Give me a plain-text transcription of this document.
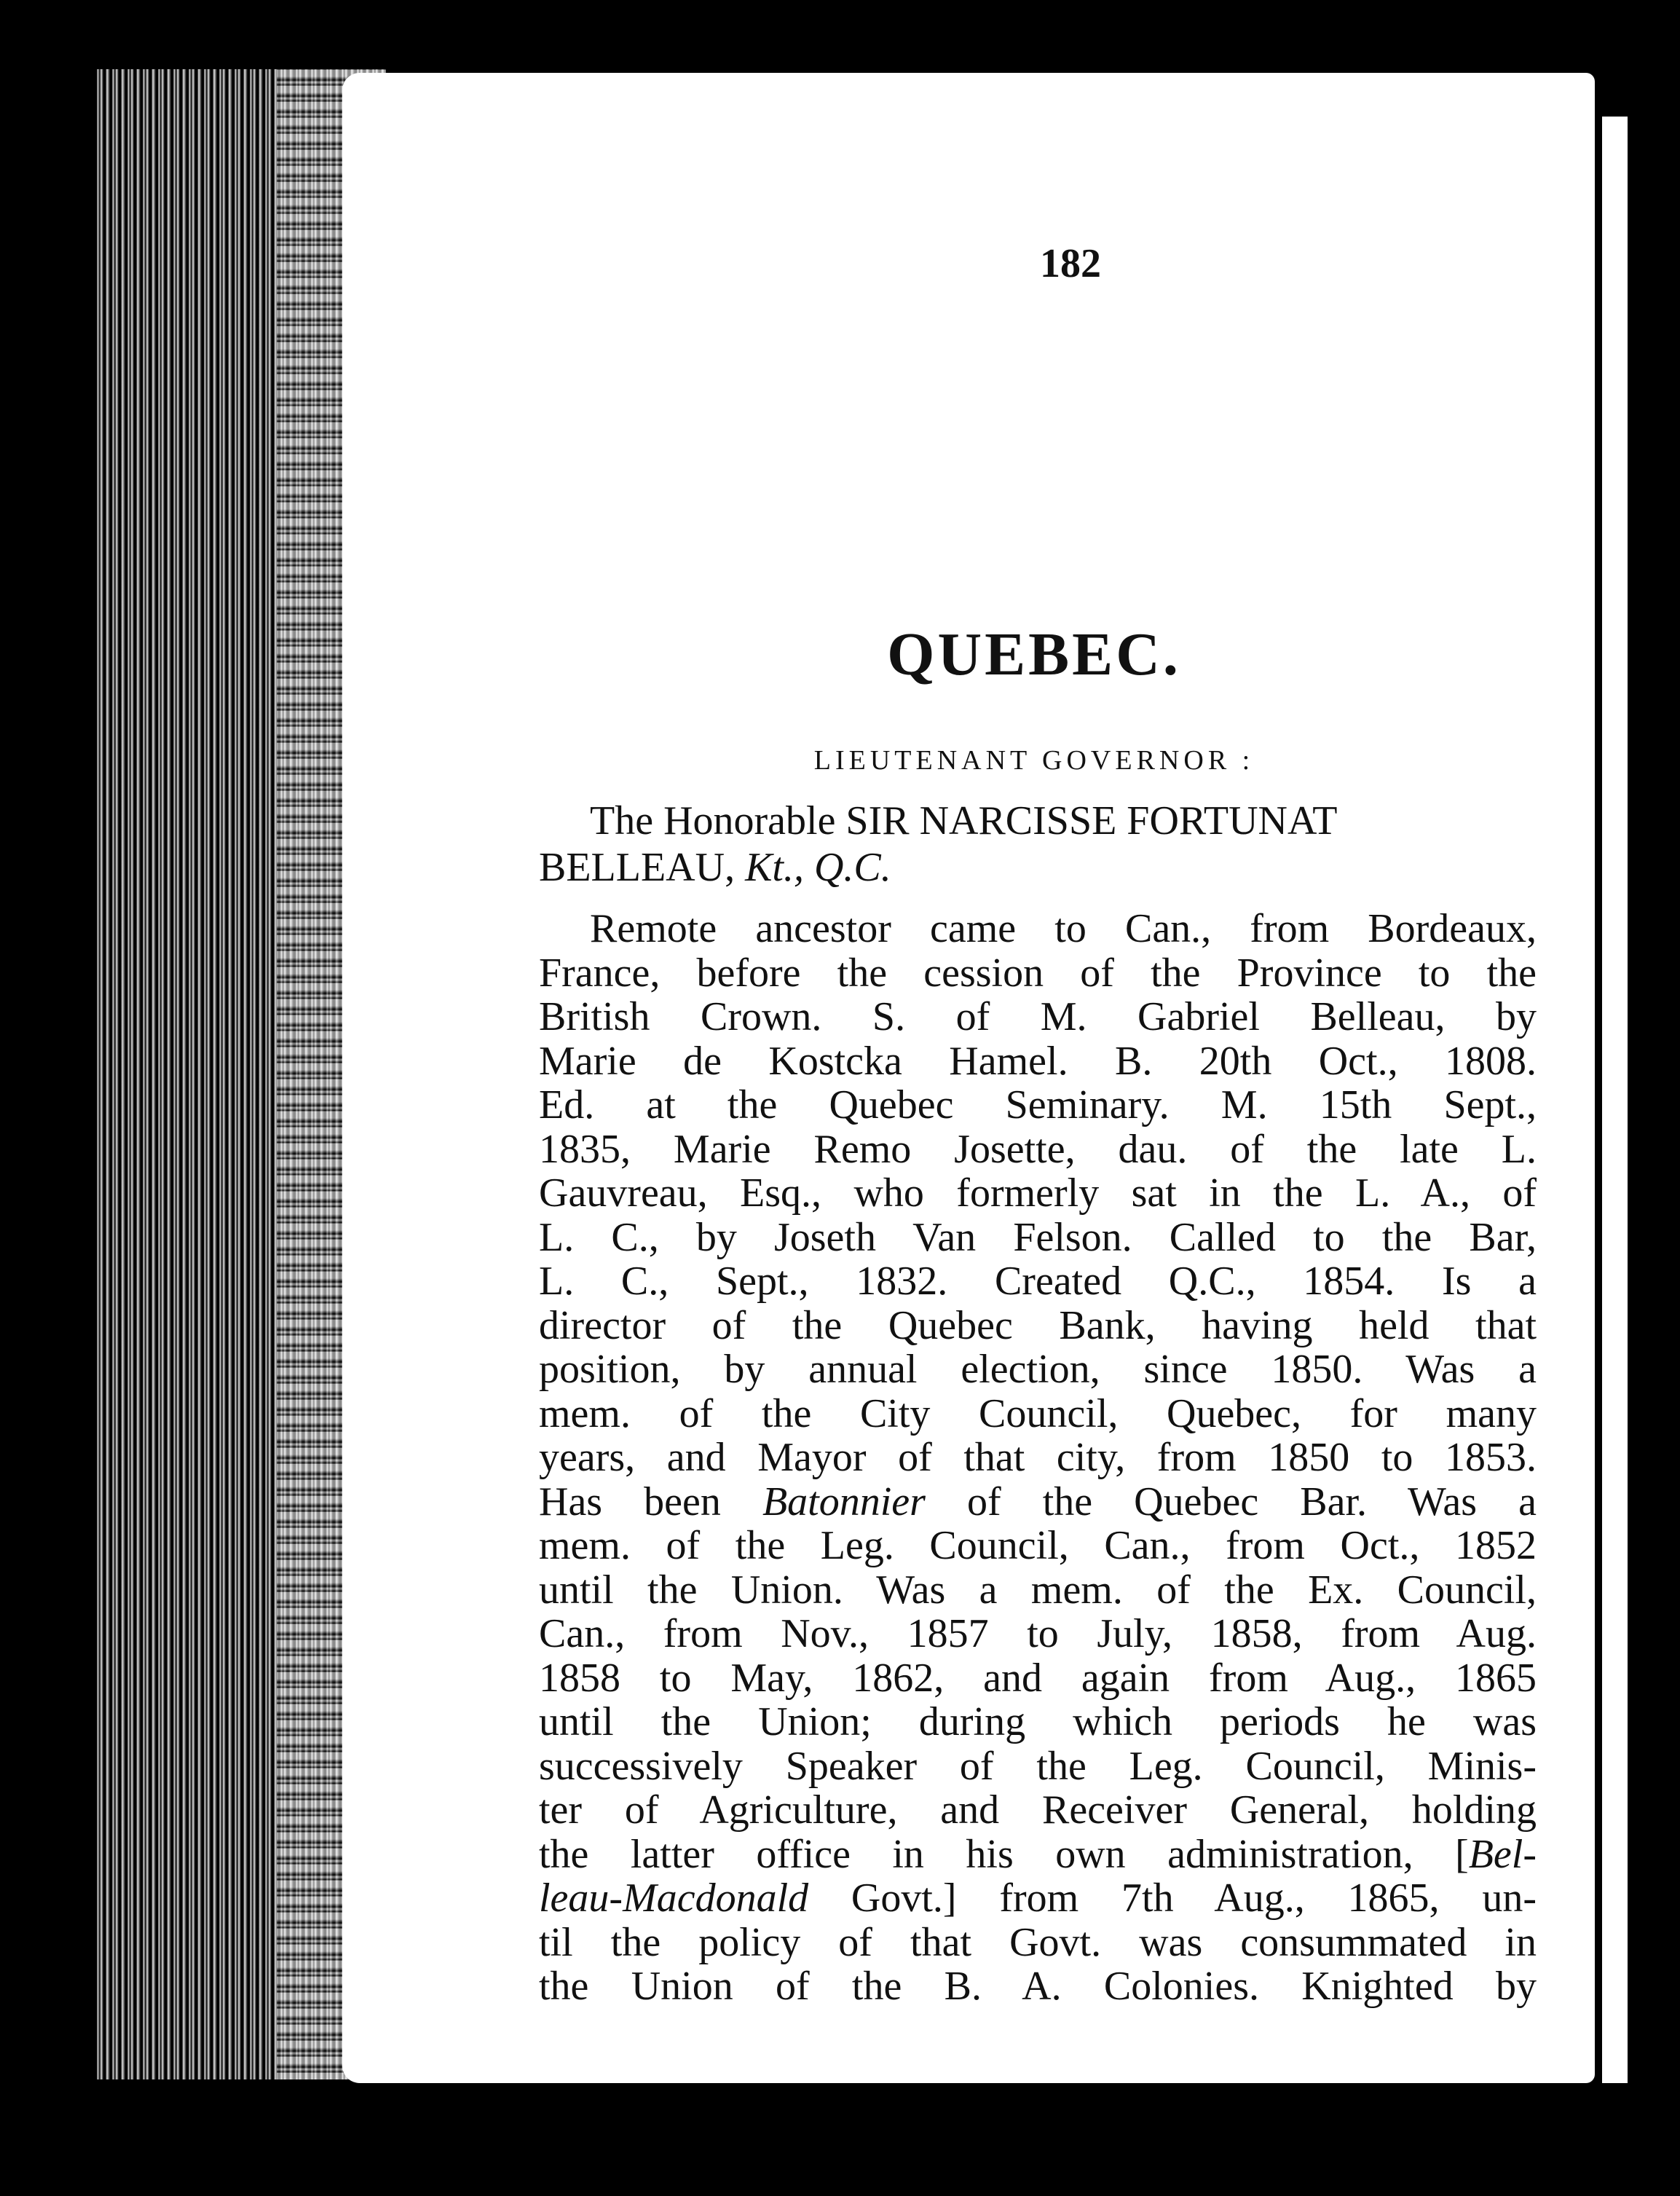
182
QUEBEC.
LIEUTENANT GOVERNOR :
The Honorable SIR NARCISSE FORTUNAT
BELLEAU, Kt., Q.C.
Remote ancestor came to Can., from Bordeaux,
France, before the cession of the Province to the
British Crown. S. of M. Gabriel Belleau, by
Marie de Kostcka Hamel. B. 20th Oct., 1808.
Ed. at the Quebec Seminary. M. 15th Sept.,
1835, Marie Remo Josette, dau. of the late L.
Gauvreau, Esq., who formerly sat in the L. A., of
L. C., by Joseth Van Felson. Called to the Bar,
L. C., Sept., 1832. Created Q.C., 1854. Is a
director of the Quebec Bank, having held that
position, by annual election, since 1850. Was a
mem. of the City Council, Quebec, for many
years, and Mayor of that city, from 1850 to 1853.
Has been Batonnier of the Quebec Bar. Was a
mem. of the Leg. Council, Can., from Oct., 1852
until the Union. Was a mem. of the Ex. Council,
Can., from Nov., 1857 to July, 1858, from Aug.
1858 to May, 1862, and again from Aug., 1865
until the Union; during which periods he was
successively Speaker of the Leg. Council, Minis-
ter of Agriculture, and Receiver General, holding
the latter office in his own administration, [Bel-
leau-Macdonald Govt.] from 7th Aug., 1865, un-
til the policy of that Govt. was consummated in
the Union of the B. A. Colonies. Knighted by
